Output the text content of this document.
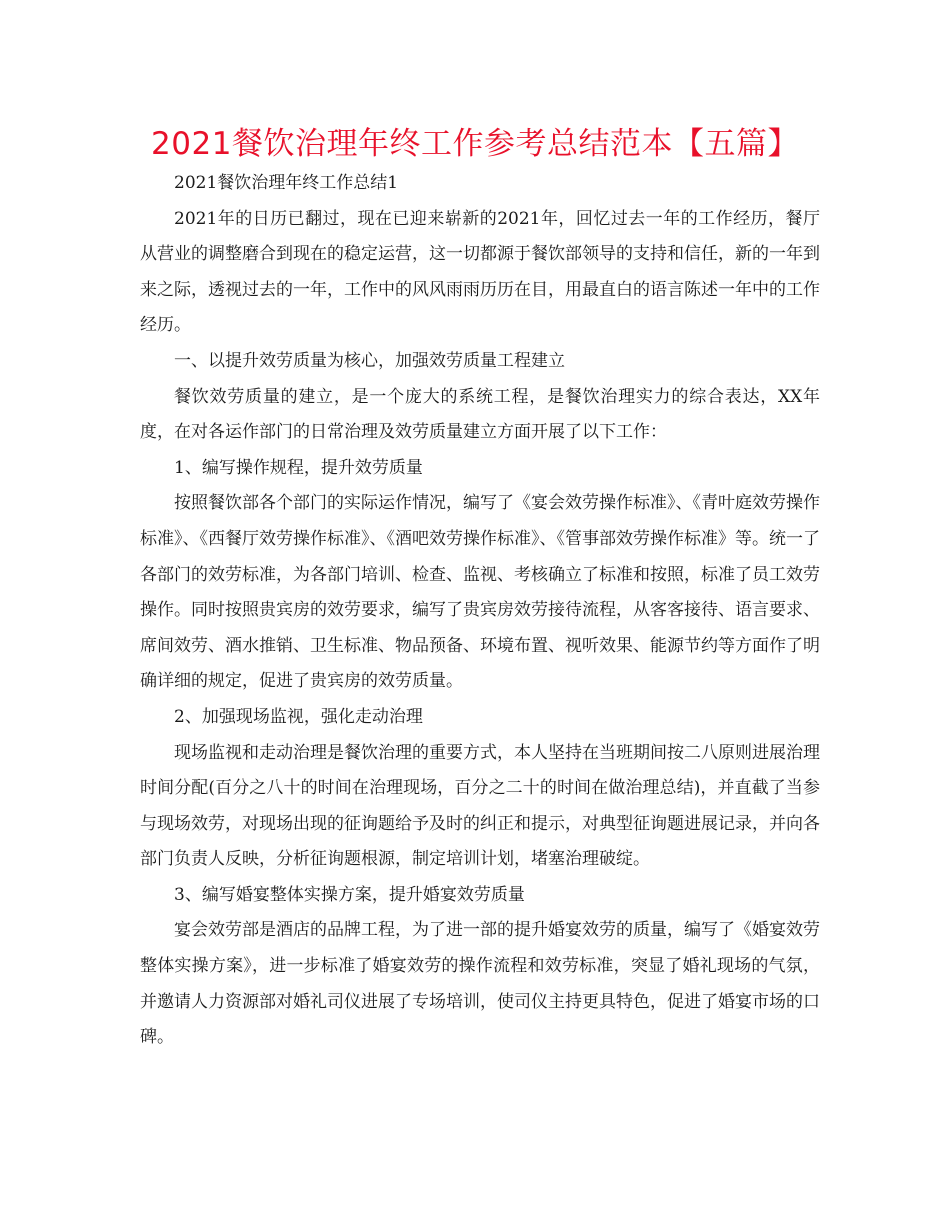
2021餐饮治理年终工作参考总结范本【五篇】

2021餐饮治理年终工作总结1

2021年的日历已翻过，现在已迎来崭新的2021年，回忆过去一年的工作经历，餐厅从营业的调整磨合到现在的稳定运营，这一切都源于餐饮部领导的支持和信任，新的一年到来之际，透视过去的一年，工作中的风风雨雨历历在目，用最直白的语言陈述一年中的工作经历。

一、以提升效劳质量为核心，加强效劳质量工程建立

餐饮效劳质量的建立，是一个庞大的系统工程，是餐饮治理实力的综合表达，XX年度，在对各运作部门的日常治理及效劳质量建立方面开展了以下工作：

1、编写操作规程，提升效劳质量

按照餐饮部各个部门的实际运作情况，编写了《宴会效劳操作标准》、《青叶庭效劳操作标准》、《西餐厅效劳操作标准》、《酒吧效劳操作标准》、《管事部效劳操作标准》等。统一了各部门的效劳标准，为各部门培训、检查、监视、考核确立了标准和按照，标准了员工效劳操作。同时按照贵宾房的效劳要求，编写了贵宾房效劳接待流程，从客客接待、语言要求、席间效劳、酒水推销、卫生标准、物品预备、环境布置、视听效果、能源节约等方面作了明确详细的规定，促进了贵宾房的效劳质量。

2、加强现场监视，强化走动治理

现场监视和走动治理是餐饮治理的重要方式，本人坚持在当班期间按二八原则进展治理时间分配(百分之八十的时间在治理现场，百分之二十的时间在做治理总结)，并直截了当参与现场效劳，对现场出现的征询题给予及时的纠正和提示，对典型征询题进展记录，并向各部门负责人反映，分析征询题根源，制定培训计划，堵塞治理破绽。

3、编写婚宴整体实操方案，提升婚宴效劳质量

宴会效劳部是酒店的品牌工程，为了进一部的提升婚宴效劳的质量，编写了《婚宴效劳整体实操方案》，进一步标准了婚宴效劳的操作流程和效劳标准，突显了婚礼现场的气氛，并邀请人力资源部对婚礼司仪进展了专场培训，使司仪主持更具特色，促进了婚宴市场的口碑。
